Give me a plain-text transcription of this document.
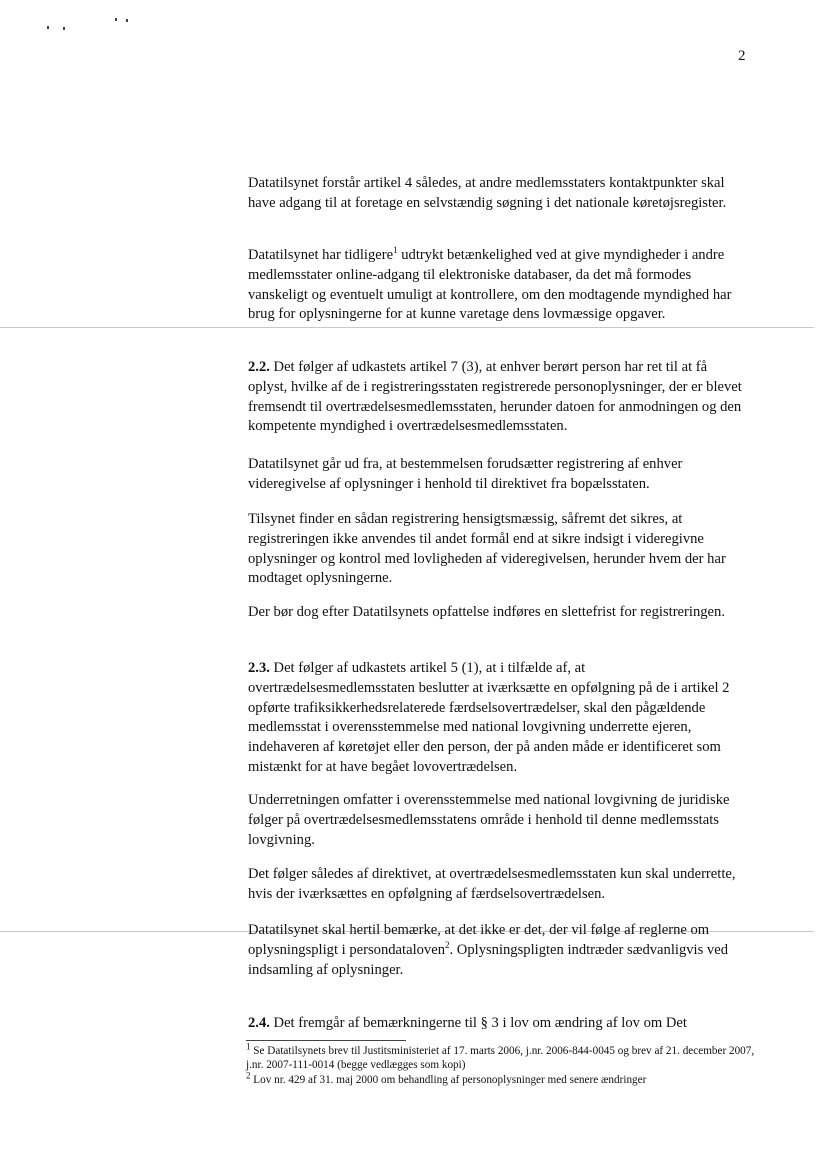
2

Datatilsynet forstår artikel 4 således, at andre medlemsstaters kontaktpunkter skal have adgang til at foretage en selvstændig søgning i det nationale køretøjsregister.

Datatilsynet har tidligere$^1$ udtrykt betænkelighed ved at give myndigheder i andre medlemsstater online-adgang til elektroniske databaser, da det må formodes vanskeligt og eventuelt umuligt at kontrollere, om den modtagende myndighed har brug for oplysningerne for at kunne varetage dens lovmæssige opgaver.

2.2. Det følger af udkastets artikel 7 (3), at enhver berørt person har ret til at få oplyst, hvilke af de i registreringsstaten registrerede personoplysninger, der er blevet fremsendt til overtrædelsesmedlemsstaten, herunder datoen for anmodningen og den kompetente myndighed i overtrædelsesmedlemsstaten.

Datatilsynet går ud fra, at bestemmelsen forudsætter registrering af enhver videregivelse af oplysninger i henhold til direktivet fra bopælsstaten.

Tilsynet finder en sådan registrering hensigtsmæssig, såfremt det sikres, at registreringen ikke anvendes til andet formål end at sikre indsigt i videregivne oplysninger og kontrol med lovligheden af videregivelsen, herunder hvem der har modtaget oplysningerne.

Der bør dog efter Datatilsynets opfattelse indføres en slettefrist for registreringen.

2.3. Det følger af udkastets artikel 5 (1), at i tilfælde af, at overtrædelsesmedlemsstaten beslutter at iværksætte en opfølgning på de i artikel 2 opførte trafiksikkerhedsrelaterede færdselsovertrædelser, skal den pågældende medlemsstat i overensstemmelse med national lovgivning underrette ejeren, indehaveren af køretøjet eller den person, der på anden måde er identificeret som mistænkt for at have begået lovovertrædelsen.

Underretningen omfatter i overensstemmelse med national lovgivning de juridiske følger på overtrædelsesmedlemsstatens område i henhold til denne medlemsstats lovgivning.

Det følger således af direktivet, at overtrædelsesmedlemsstaten kun skal underrette, hvis der iværksættes en opfølgning af færdselsovertrædelsen.

Datatilsynet skal hertil bemærke, at det ikke er det, der vil følge af reglerne om oplysningspligt i persondataloven$^2$. Oplysningspligten indtræder sædvanligvis ved indsamling af oplysninger.

2.4. Det fremgår af bemærkningerne til § 3 i lov om ændring af lov om Det

$^1$ Se Datatilsynets brev til Justitsministeriet af 17. marts 2006, j.nr. 2006-844-0045 og brev af 21. december 2007, j.nr. 2007-111-0014 (begge vedlægges som kopi)

$^2$ Lov nr. 429 af 31. maj 2000 om behandling af personoplysninger med senere ændringer
